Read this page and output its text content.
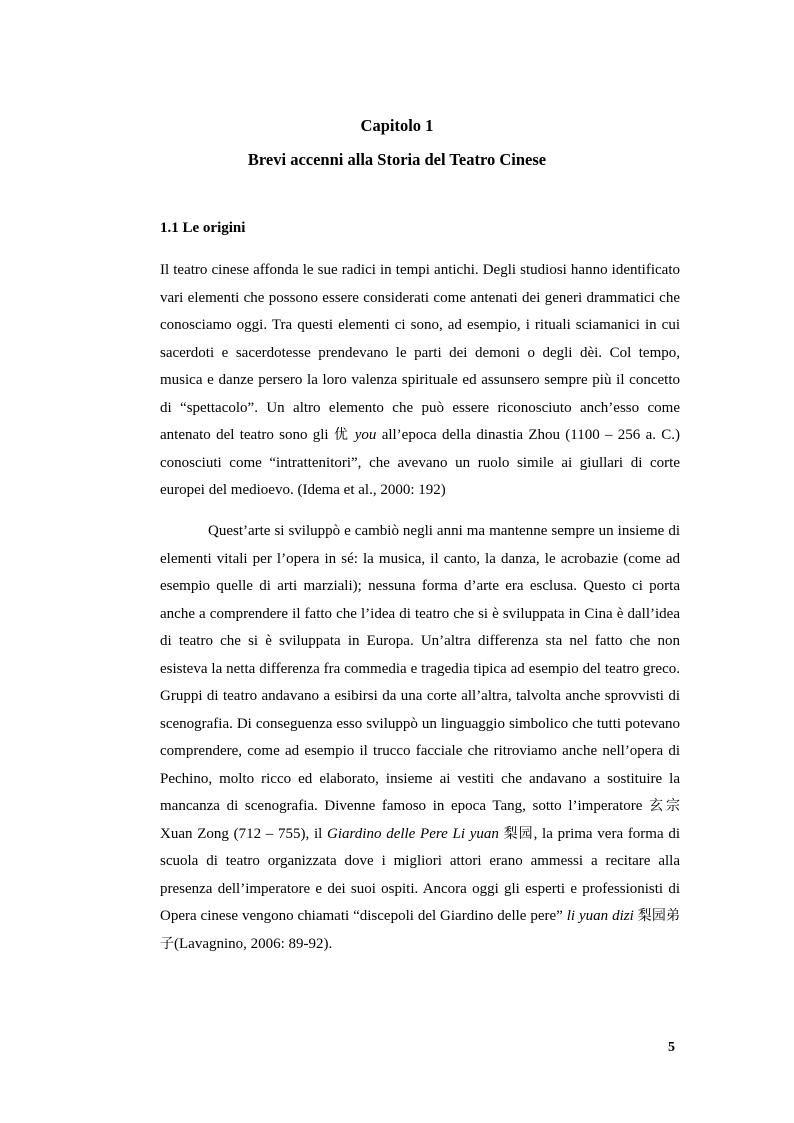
Capitolo 1
Brevi accenni alla Storia del Teatro Cinese
1.1 Le origini

Il teatro cinese affonda le sue radici in tempi antichi. Degli studiosi hanno identificato vari elementi che possono essere considerati come antenati dei generi drammatici che conosciamo oggi. Tra questi elementi ci sono, ad esempio, i rituali sciamanici in cui sacerdoti e sacerdotesse prendevano le parti dei demoni o degli dèi. Col tempo, musica e danze persero la loro valenza spirituale ed assunsero sempre più il concetto di “spettacolo”. Un altro elemento che può essere riconosciuto anch’esso come antenato del teatro sono gli 优 you all’epoca della dinastia Zhou (1100 – 256 a. C.) conosciuti come “intrattenitori”, che avevano un ruolo simile ai giullari di corte europei del medioevo. (Idema et al., 2000: 192)

Quest’arte si sviluppò e cambiò negli anni ma mantenne sempre un insieme di elementi vitali per l’opera in sé: la musica, il canto, la danza, le acrobazie (come ad esempio quelle di arti marziali); nessuna forma d’arte era esclusa. Questo ci porta anche a comprendere il fatto che l’idea di teatro che si è sviluppata in Cina è dall’idea di teatro che si è sviluppata in Europa. Un’altra differenza sta nel fatto che non esisteva la netta differenza fra commedia e tragedia tipica ad esempio del teatro greco. Gruppi di teatro andavano a esibirsi da una corte all’altra, talvolta anche sprovvisti di scenografia. Di conseguenza esso sviluppò un linguaggio simbolico che tutti potevano comprendere, come ad esempio il trucco facciale che ritroviamo anche nell’opera di Pechino, molto ricco ed elaborato, insieme ai vestiti che andavano a sostituire la mancanza di scenografia. Divenne famoso in epoca Tang, sotto l’imperatore 玄宗 Xuan Zong (712 – 755), il Giardino delle Pere Li yuan 梨园, la prima vera forma di scuola di teatro organizzata dove i migliori attori erano ammessi a recitare alla presenza dell’imperatore e dei suoi ospiti. Ancora oggi gli esperti e professionisti di Opera cinese vengono chiamati “discepoli del Giardino delle pere” li yuan dizi 梨园弟子(Lavagnino, 2006: 89-92).

5
